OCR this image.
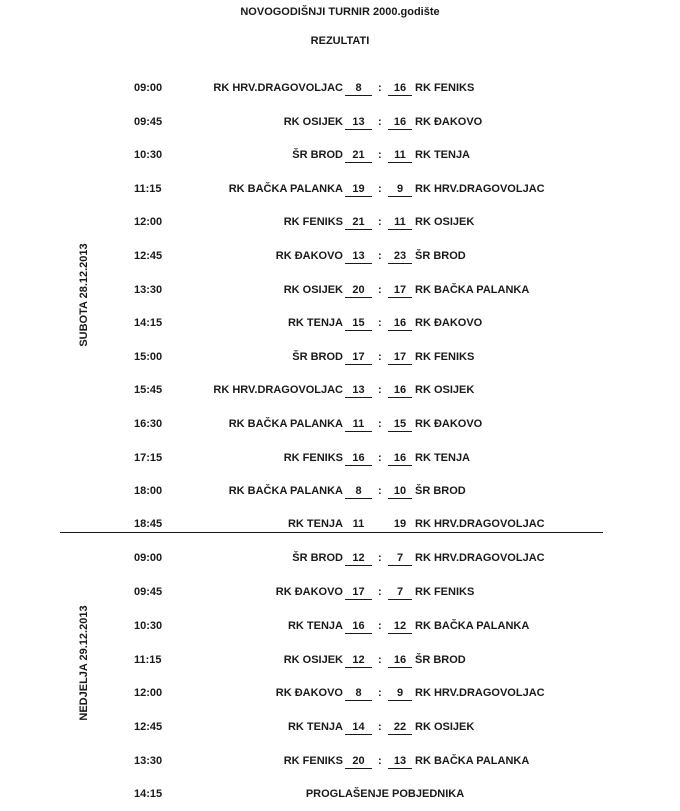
NOVOGODIŠNJI TURNIR 2000.godište
REZULTATI
SUBOTA 28.12.2013
NEDJELJA 29.12.2013
09:00	RK HRV.DRAGOVOLJAC	8	:	16 RK FENIKS
09:45	RK OSIJEK 13	:	16 RK ĐAKOVO
10:30	ŠR BROD 21	:	11 RK TENJA
11:15	RK BAČKA PALANKA 19	:	9	RK HRV.DRAGOVOLJAC
12:00	RK FENIKS 21	:	11 RK OSIJEK
12:45	RK ĐAKOVO 13	:	23 ŠR BROD
13:30	RK OSIJEK 20	:	17 RK BAČKA PALANKA
14:15	RK TENJA 15	:	16 RK ĐAKOVO
15:00	ŠR BROD 17	:	17 RK FENIKS
15:45	RK HRV.DRAGOVOLJAC 13	:	16 RK OSIJEK
16:30	RK BAČKA PALANKA 11	:	15 RK ĐAKOVO
17:15	RK FENIKS 16	:	16 RK TENJA
18:00	RK BAČKA PALANKA	8	:	10 ŠR BROD
18:45	RK TENJA 11	19 RK HRV.DRAGOVOLJAC
09:00	ŠR BROD 12	:	7	RK HRV.DRAGOVOLJAC
09:45	RK ĐAKOVO 17	:	7	RK FENIKS
10:30	RK TENJA 16	:	12 RK BAČKA PALANKA
11:15	RK OSIJEK 12	:	16 ŠR BROD
12:00	RK ĐAKOVO	8	:	9	RK HRV.DRAGOVOLJAC
12:45	RK TENJA 14	:	22 RK OSIJEK
13:30	RK FENIKS 20	:	13 RK BAČKA PALANKA
14:15	PROGLAŠENJE POBJEDNIKA
